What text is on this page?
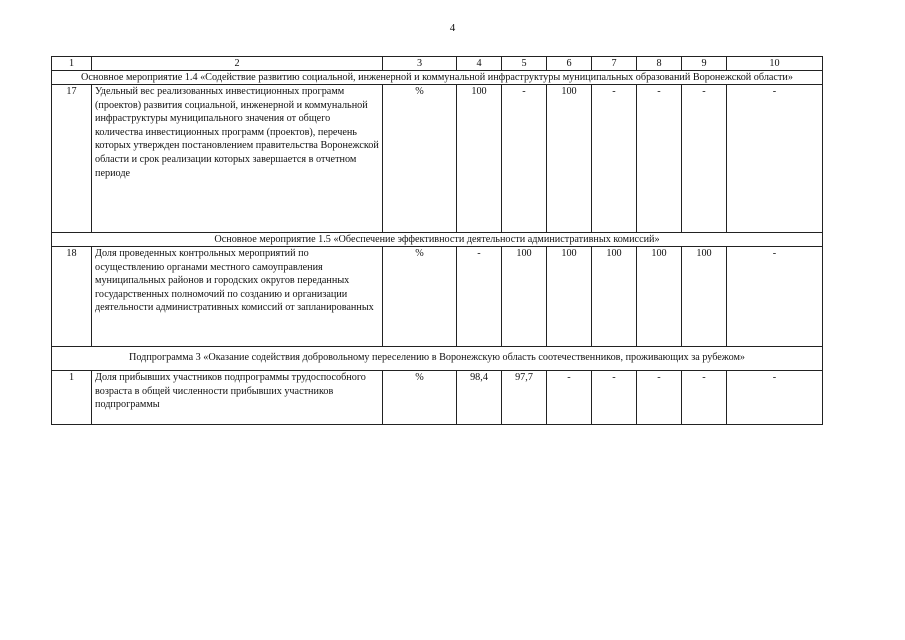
4
1	2	3	4	5	6	7	8	9	10
Основное мероприятие 1.4 «Содействие развитию социальной, инженерной и коммунальной инфраструктуры муниципальных образований Воронежской области»									
17	Удельный вес реализованных инвестиционных программ (проектов) развития социальной, инженерной и коммунальной инфраструктуры муниципального значения от общего количества инвестиционных программ (проектов), перечень которых утвержден постановлением правительства Воронежской области и срок реализации которых завершается в отчетном периоде	%	100	-	100	-	-	-	-
Основное мероприятие 1.5 «Обеспечение эффективности деятельности административных комиссий»									
18	Доля проведенных контрольных мероприятий по осуществлению органами местного самоуправления муниципальных районов и городских округов переданных государственных полномочий по созданию и организации деятельности административных комиссий от запланированных	%	-	100	100	100	100	100	-
Подпрограмма 3 «Оказание содействия добровольному переселению в Воронежскую область соотечественников, проживающих за рубежом»									
1	Доля прибывших участников подпрограммы трудоспособного возраста в общей численности прибывших участников подпрограммы	%	98,4	97,7	-	-	-	-	-
